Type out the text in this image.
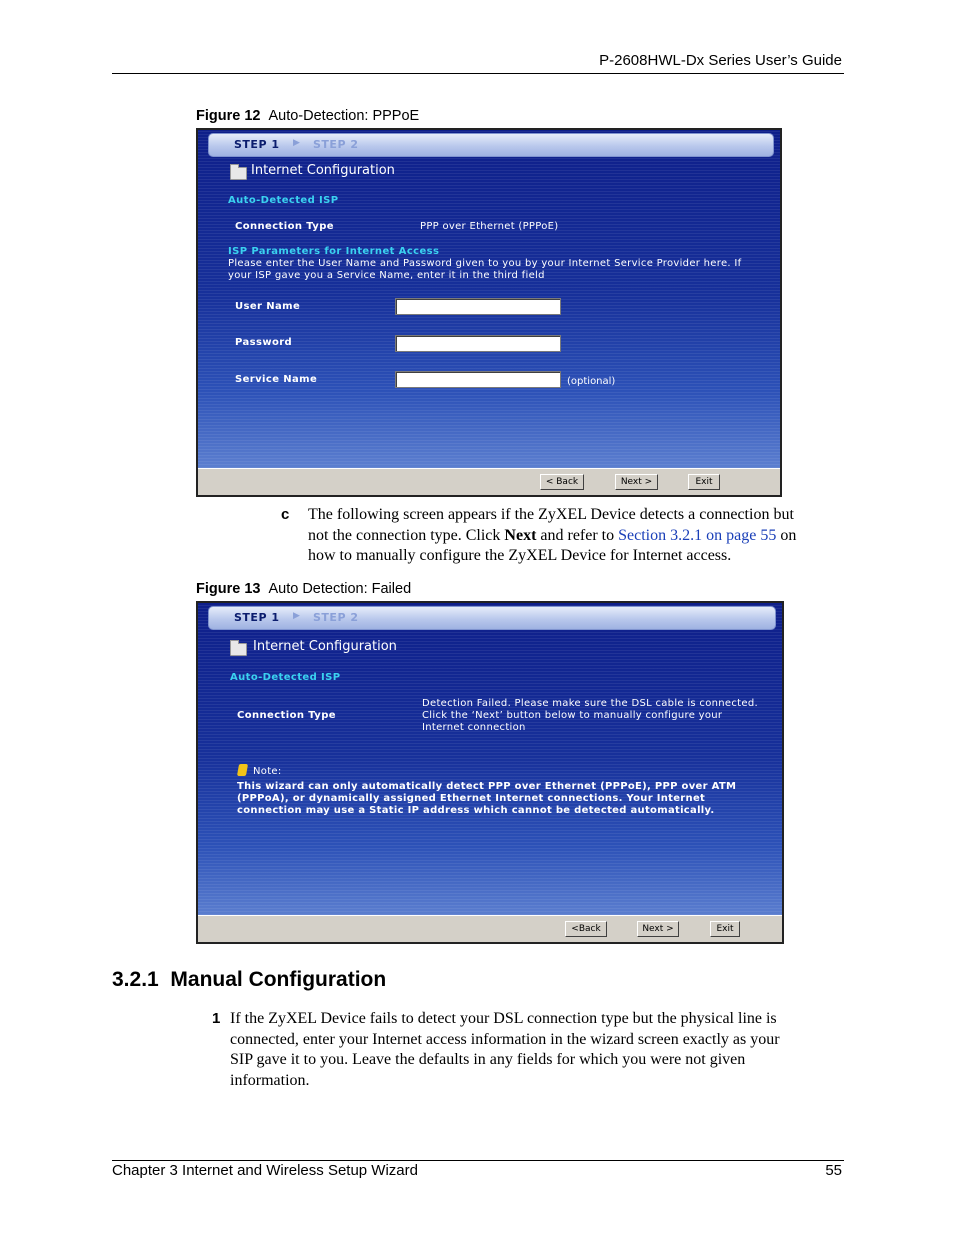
P-2608HWL-Dx Series User’s Guide
Figure 12 Auto-Detection: PPPoE
STEP 1 ▶ STEP 2
Internet Configuration
Auto-Detected ISP
Connection Type	PPP over Ethernet (PPPoE)
ISP Parameters for Internet Access
Please enter the User Name and Password given to you by your Internet Service Provider here. If
your ISP gave you a Service Name, enter it in the third field
User Name
Password
Service Name	(optional)
< Back	Next >	Exit
c The following screen appears if the ZyXEL Device detects a connection but
not the connection type. Click Next and refer to Section 3.2.1 on page 55 on
how to manually configure the ZyXEL Device for Internet access.
Figure 13 Auto Detection: Failed
STEP 1 ▶ STEP 2
Internet Configuration
Auto-Detected ISP
Connection Type
Detection Failed. Please make sure the DSL cable is connected.
Click the ‘Next’ button below to manually configure your
Internet connection
Note:
This wizard can only automatically detect PPP over Ethernet (PPPoE), PPP over ATM
(PPPoA), or dynamically assigned Ethernet Internet connections. Your Internet
connection may use a Static IP address which cannot be detected automatically.
<Back	Next >	Exit
3.2.1 Manual Configuration
1 If the ZyXEL Device fails to detect your DSL connection type but the physical line is
connected, enter your Internet access information in the wizard screen exactly as your
SIP gave it to you. Leave the defaults in any fields for which you were not given
information.
Chapter 3 Internet and Wireless Setup Wizard	55
